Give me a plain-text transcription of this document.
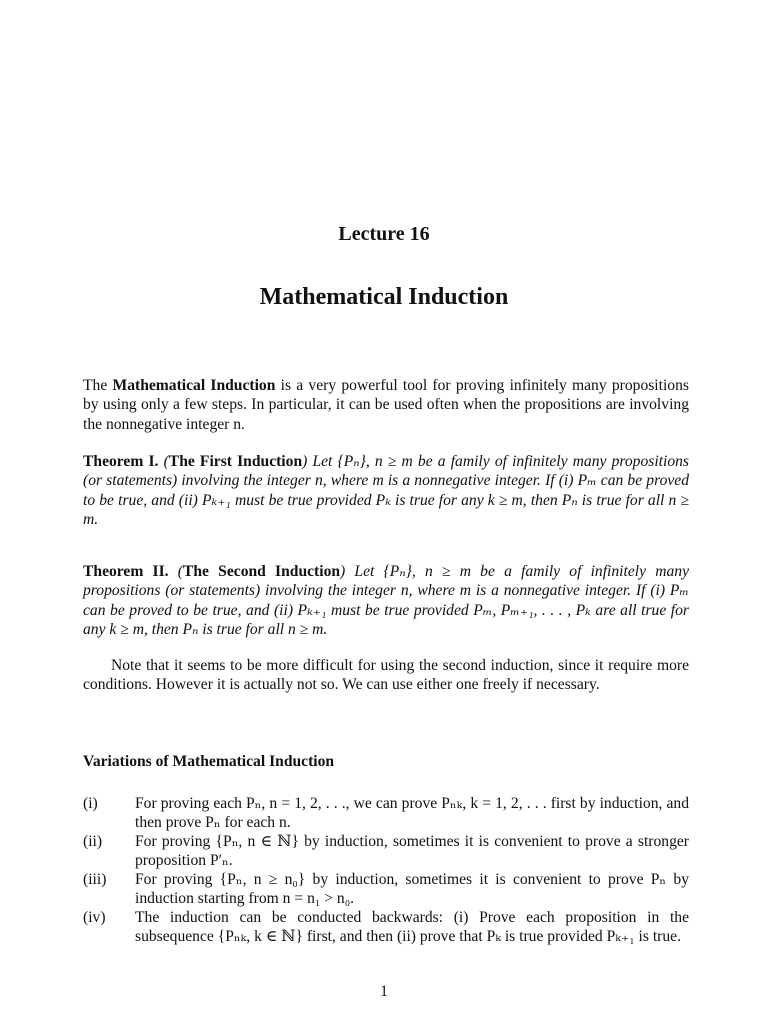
Lecture 16
Mathematical Induction
The Mathematical Induction is a very powerful tool for proving infinitely many propositions by using only a few steps. In particular, it can be used often when the propositions are involving the nonnegative integer n.
Theorem I. (The First Induction) Let {Pₙ}, n ≥ m be a family of infinitely many propositions (or statements) involving the integer n, where m is a nonnegative integer. If (i) Pₘ can be proved to be true, and (ii) Pₖ₊₁ must be true provided Pₖ is true for any k ≥ m, then Pₙ is true for all n ≥ m.
Theorem II. (The Second Induction) Let {Pₙ}, n ≥ m be a family of infinitely many propositions (or statements) involving the integer n, where m is a nonnegative integer. If (i) Pₘ can be proved to be true, and (ii) Pₖ₊₁ must be true provided Pₘ, Pₘ₊₁, . . . , Pₖ are all true for any k ≥ m, then Pₙ is true for all n ≥ m.
Note that it seems to be more difficult for using the second induction, since it require more conditions. However it is actually not so. We can use either one freely if necessary.
Variations of Mathematical Induction
(i)	For proving each Pₙ, n = 1, 2, . . ., we can prove Pₙₖ, k = 1, 2, . . . first by induction, and then prove Pₙ for each n.
(ii)	For proving {Pₙ, n ∈ ℕ} by induction, sometimes it is convenient to prove a stronger proposition P′ₙ.
(iii)	For proving {Pₙ, n ≥ n₀} by induction, sometimes it is convenient to prove Pₙ by induction starting from n = n₁ > n₀.
(iv)	The induction can be conducted backwards: (i) Prove each proposition in the subsequence {Pₙₖ, k ∈ ℕ} first, and then (ii) prove that Pₖ is true provided Pₖ₊₁ is true.
1
